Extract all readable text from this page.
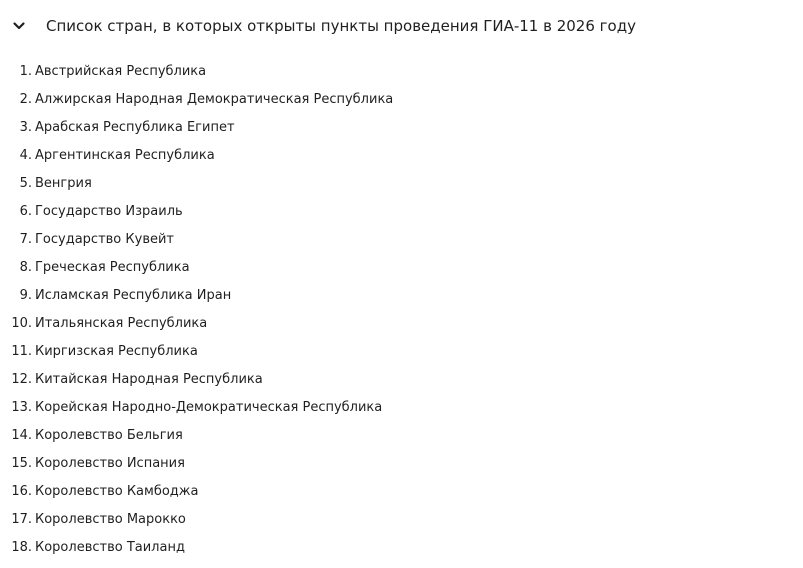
Список стран, в которых открыты пункты проведения ГИА-11 в 2026 году
1. Австрийская Республика
2. Алжирская Народная Демократическая Республика
3. Арабская Республика Египет
4. Аргентинская Республика
5. Венгрия
6. Государство Израиль
7. Государство Кувейт
8. Греческая Республика
9. Исламская Республика Иран
10. Итальянская Республика
11. Киргизская Республика
12. Китайская Народная Республика
13. Корейская Народно-Демократическая Республика
14. Королевство Бельгия
15. Королевство Испания
16. Королевство Камбоджа
17. Королевство Марокко
18. Королевство Таиланд
